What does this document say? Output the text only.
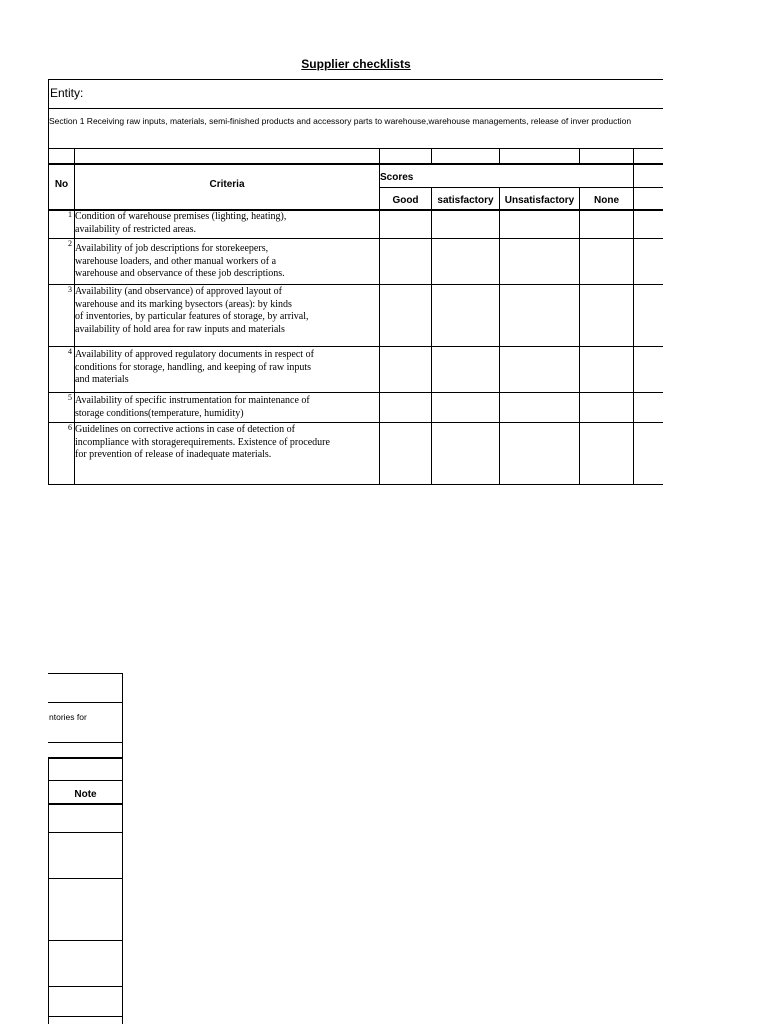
Supplier checklists
Entity:
Section 1 Receiving raw inputs, materials, semi-finished products and accessory parts to warehouse,warehouse managements, release of inver production
No	Criteria
Scores
Good	satisfactory	Unsatisfactory	None
1 Condition of warehouse premises (lighting, heating),
availability of restricted areas.
2 Availability of job descriptions for storekeepers,
warehouse loaders, and other manual workers of a
warehouse and observance of these job descriptions.
3 Availability (and observance) of approved layout of
warehouse and its marking bysectors (areas): by kinds
of inventories, by particular features of storage, by arrival,
availability of hold area for raw inputs and materials
4 Availability of approved regulatory documents in respect of
conditions for storage, handling, and keeping of raw inputs
and materials
5 Availability of specific instrumentation for maintenance of
storage conditions(temperature, humidity)
6 Guidelines on corrective actions in case of detection of
incompliance with storagerequirements. Existence of procedure
for prevention of release of inadequate materials.
ntories for
Note
